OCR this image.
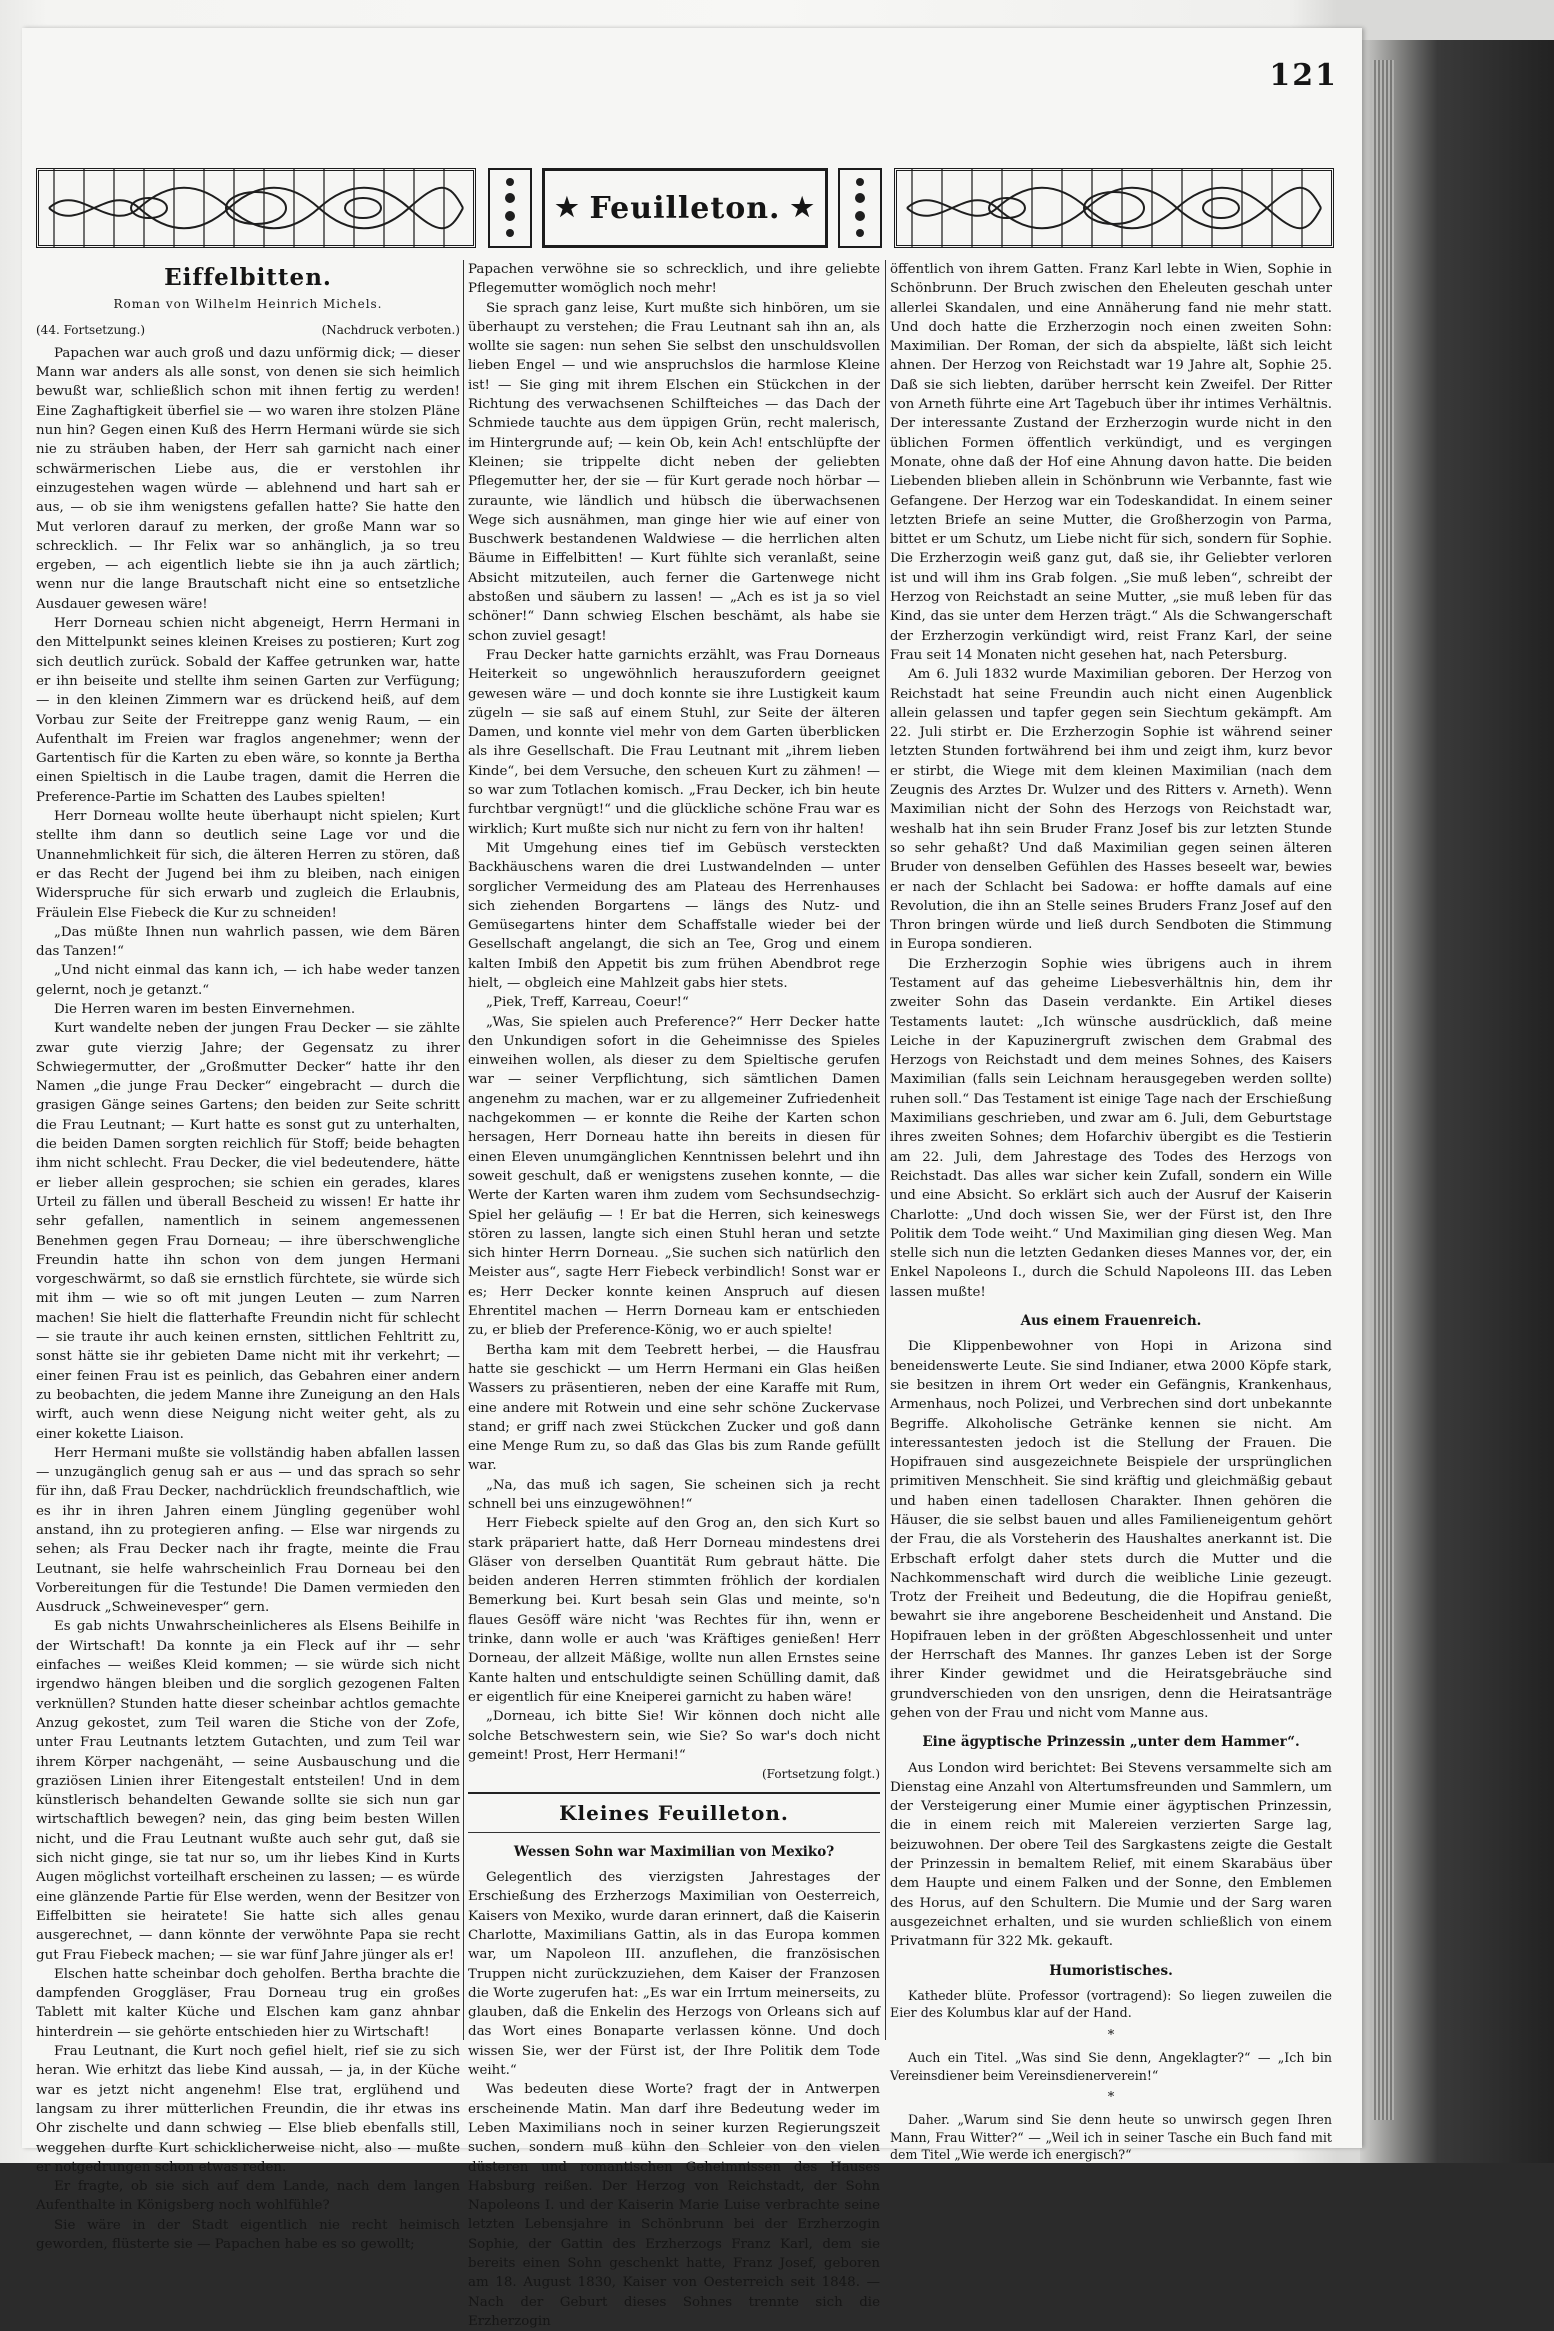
121
★ Feuilleton. ★
Eiffelbitten.
Roman von Wilhelm Heinrich Michels.
(44. Fortsetzung.)	(Nachdruck verboten.)

Papachen war auch groß und dazu unförmig dick; — dieser Mann war anders als alle sonst, von denen sie sich heimlich bewußt war, schließlich schon mit ihnen fertig zu werden! Eine Zaghaftigkeit überfiel sie — wo waren ihre stolzen Pläne nun hin? Gegen einen Kuß des Herrn Hermani würde sie sich nie zu sträuben haben, der Herr sah garnicht nach einer schwärmerischen Liebe aus, die er verstohlen ihr einzugestehen wagen würde — ablehnend und hart sah er aus, — ob sie ihm wenigstens gefallen hatte? Sie hatte den Mut verloren darauf zu merken, der große Mann war so schrecklich. — Ihr Felix war so anhänglich, ja so treu ergeben, — ach eigentlich liebte sie ihn ja auch zärtlich; wenn nur die lange Brautschaft nicht eine so entsetzliche Ausdauer gewesen wäre!

Herr Dorneau schien nicht abgeneigt, Herrn Hermani in den Mittelpunkt seines kleinen Kreises zu postieren; Kurt zog sich deutlich zurück. Sobald der Kaffee getrunken war, hatte er ihn beiseite und stellte ihm seinen Garten zur Verfügung; — in den kleinen Zimmern war es drückend heiß, auf dem Vorbau zur Seite der Freitreppe ganz wenig Raum, — ein Aufenthalt im Freien war fraglos angenehmer; wenn der Gartentisch für die Karten zu eben wäre, so konnte ja Bertha einen Spieltisch in die Laube tragen, damit die Herren die Preference-Partie im Schatten des Laubes spielten!

Herr Dorneau wollte heute überhaupt nicht spielen; Kurt stellte ihm dann so deutlich seine Lage vor und die Unannehmlichkeit für sich, die älteren Herren zu stören, daß er das Recht der Jugend bei ihm zu bleiben, nach einigen Widerspruche für sich erwarb und zugleich die Erlaubnis, Fräulein Else Fiebeck die Kur zu schneiden!

„Das müßte Ihnen nun wahrlich passen, wie dem Bären das Tanzen!“

„Und nicht einmal das kann ich, — ich habe weder tanzen gelernt, noch je getanzt.“

Die Herren waren im besten Einvernehmen.

Kurt wandelte neben der jungen Frau Decker — sie zählte zwar gute vierzig Jahre; der Gegensatz zu ihrer Schwiegermutter, der „Großmutter Decker“ hatte ihr den Namen „die junge Frau Decker“ eingebracht — durch die grasigen Gänge seines Gartens; den beiden zur Seite schritt die Frau Leutnant; — Kurt hatte es sonst gut zu unterhalten, die beiden Damen sorgten reichlich für Stoff; beide behagten ihm nicht schlecht. Frau Decker, die viel bedeutendere, hätte er lieber allein gesprochen; sie schien ein gerades, klares Urteil zu fällen und überall Bescheid zu wissen! Er hatte ihr sehr gefallen, namentlich in seinem angemessenen Benehmen gegen Frau Dorneau; — ihre überschwengliche Freundin hatte ihn schon von dem jungen Hermani vorgeschwärmt, so daß sie ernstlich fürchtete, sie würde sich mit ihm — wie so oft mit jungen Leuten — zum Narren machen! Sie hielt die flatterhafte Freundin nicht für schlecht — sie traute ihr auch keinen ernsten, sittlichen Fehltritt zu, sonst hätte sie ihr gebieten Dame nicht mit ihr verkehrt; — einer feinen Frau ist es peinlich, das Gebahren einer andern zu beobachten, die jedem Manne ihre Zuneigung an den Hals wirft, auch wenn diese Neigung nicht weiter geht, als zu einer kokette Liaison.

Herr Hermani mußte sie vollständig haben abfallen lassen — unzugänglich genug sah er aus — und das sprach so sehr für ihn, daß Frau Decker, nachdrücklich freundschaftlich, wie es ihr in ihren Jahren einem Jüngling gegenüber wohl anstand, ihn zu protegieren anfing. — Else war nirgends zu sehen; als Frau Decker nach ihr fragte, meinte die Frau Leutnant, sie helfe wahrscheinlich Frau Dorneau bei den Vorbereitungen für die Testunde! Die Damen vermieden den Ausdruck „Schweinevesper“ gern.

Es gab nichts Unwahrscheinlicheres als Elsens Beihilfe in der Wirtschaft! Da konnte ja ein Fleck auf ihr — sehr einfaches — weißes Kleid kommen; — sie würde sich nicht irgendwo hängen bleiben und die sorglich gezogenen Falten verknüllen? Stunden hatte dieser scheinbar achtlos gemachte Anzug gekostet, zum Teil waren die Stiche von der Zofe, unter Frau Leutnants letztem Gutachten, und zum Teil war ihrem Körper nachgenäht, — seine Ausbauschung und die graziösen Linien ihrer Eitengestalt entsteilen! Und in dem künstlerisch behandelten Gewande sollte sie sich nun gar wirtschaftlich bewegen? nein, das ging beim besten Willen nicht, und die Frau Leutnant wußte auch sehr gut, daß sie sich nicht ginge, sie tat nur so, um ihr liebes Kind in Kurts Augen möglichst vorteilhaft erscheinen zu lassen; — es würde eine glänzende Partie für Else werden, wenn der Besitzer von Eiffelbitten sie heiratete! Sie hatte sich alles genau ausgerechnet, — dann könnte der verwöhnte Papa sie recht gut Frau Fiebeck machen; — sie war fünf Jahre jünger als er!

Elschen hatte scheinbar doch geholfen. Bertha brachte die dampfenden Groggläser, Frau Dorneau trug ein großes Tablett mit kalter Küche und Elschen kam ganz ahnbar hinterdrein — sie gehörte entschieden hier zu Wirtschaft!

Frau Leutnant, die Kurt noch gefiel hielt, rief sie zu sich heran. Wie erhitzt das liebe Kind aussah, — ja, in der Küche war es jetzt nicht angenehm! Else trat, erglühend und langsam zu ihrer mütterlichen Freundin, die ihr etwas ins Ohr zischelte und dann schwieg — Else blieb ebenfalls still, weggehen durfte Kurt schicklicherweise nicht, also — mußte er notgedrungen schon etwas reden.

Er fragte, ob sie sich auf dem Lande, nach dem langen Aufenthalte in Königsberg noch wohlfühle?

Sie wäre in der Stadt eigentlich nie recht heimisch geworden, flüsterte sie — Papachen habe es so gewollt;

Papachen verwöhne sie so schrecklich, und ihre geliebte Pflegemutter womöglich noch mehr!

Sie sprach ganz leise, Kurt mußte sich hinbören, um sie überhaupt zu verstehen; die Frau Leutnant sah ihn an, als wollte sie sagen: nun sehen Sie selbst den unschuldsvollen lieben Engel — und wie anspruchslos die harmlose Kleine ist! — Sie ging mit ihrem Elschen ein Stückchen in der Richtung des verwachsenen Schilfteiches — das Dach der Schmiede tauchte aus dem üppigen Grün, recht malerisch, im Hintergrunde auf; — kein Ob, kein Ach! entschlüpfte der Kleinen; sie trippelte dicht neben der geliebten Pflegemutter her, der sie — für Kurt gerade noch hörbar — zuraunte, wie ländlich und hübsch die überwachsenen Wege sich ausnähmen, man ginge hier wie auf einer von Buschwerk bestandenen Waldwiese — die herrlichen alten Bäume in Eiffelbitten! — Kurt fühlte sich veranlaßt, seine Absicht mitzuteilen, auch ferner die Gartenwege nicht abstoßen und säubern zu lassen! — „Ach es ist ja so viel schöner!“ Dann schwieg Elschen beschämt, als habe sie schon zuviel gesagt!

Frau Decker hatte garnichts erzählt, was Frau Dorneaus Heiterkeit so ungewöhnlich herauszufordern geeignet gewesen wäre — und doch konnte sie ihre Lustigkeit kaum zügeln — sie saß auf einem Stuhl, zur Seite der älteren Damen, und konnte viel mehr von dem Garten überblicken als ihre Gesellschaft. Die Frau Leutnant mit „ihrem lieben Kinde“, bei dem Versuche, den scheuen Kurt zu zähmen! — so war zum Totlachen komisch. „Frau Decker, ich bin heute furchtbar vergnügt!“ und die glückliche schöne Frau war es wirklich; Kurt mußte sich nur nicht zu fern von ihr halten!

Mit Umgehung eines tief im Gebüsch versteckten Backhäuschens waren die drei Lustwandelnden — unter sorglicher Vermeidung des am Plateau des Herrenhauses sich ziehenden Borgartens — längs des Nutz- und Gemüsegartens hinter dem Schaffstalle wieder bei der Gesellschaft angelangt, die sich an Tee, Grog und einem kalten Imbiß den Appetit bis zum frühen Abendbrot rege hielt, — obgleich eine Mahlzeit gabs hier stets.

„Piek, Treff, Karreau, Coeur!“

„Was, Sie spielen auch Preference?“ Herr Decker hatte den Unkundigen sofort in die Geheimnisse des Spieles einweihen wollen, als dieser zu dem Spieltische gerufen war — seiner Verpflichtung, sich sämtlichen Damen angenehm zu machen, war er zu allgemeiner Zufriedenheit nachgekommen — er konnte die Reihe der Karten schon hersagen, Herr Dorneau hatte ihn bereits in diesen für einen Eleven unumgänglichen Kenntnissen belehrt und ihn soweit geschult, daß er wenigstens zusehen konnte, — die Werte der Karten waren ihm zudem vom Sechsundsechzig-Spiel her geläufig — ! Er bat die Herren, sich keineswegs stören zu lassen, langte sich einen Stuhl heran und setzte sich hinter Herrn Dorneau. „Sie suchen sich natürlich den Meister aus“, sagte Herr Fiebeck verbindlich! Sonst war er es; Herr Decker konnte keinen Anspruch auf diesen Ehrentitel machen — Herrn Dorneau kam er entschieden zu, er blieb der Preference-König, wo er auch spielte!

Bertha kam mit dem Teebrett herbei, — die Hausfrau hatte sie geschickt — um Herrn Hermani ein Glas heißen Wassers zu präsentieren, neben der eine Karaffe mit Rum, eine andere mit Rotwein und eine sehr schöne Zuckervase stand; er griff nach zwei Stückchen Zucker und goß dann eine Menge Rum zu, so daß das Glas bis zum Rande gefüllt war.

„Na, das muß ich sagen, Sie scheinen sich ja recht schnell bei uns einzugewöhnen!“

Herr Fiebeck spielte auf den Grog an, den sich Kurt so stark präpariert hatte, daß Herr Dorneau mindestens drei Gläser von derselben Quantität Rum gebraut hätte. Die beiden anderen Herren stimmten fröhlich der kordialen Bemerkung bei. Kurt besah sein Glas und meinte, so'n flaues Gesöff wäre nicht 'was Rechtes für ihn, wenn er trinke, dann wolle er auch 'was Kräftiges genießen! Herr Dorneau, der allzeit Mäßige, wollte nun allen Ernstes seine Kante halten und entschuldigte seinen Schülling damit, daß er eigentlich für eine Kneiperei garnicht zu haben wäre!

„Dorneau, ich bitte Sie! Wir können doch nicht alle solche Betschwestern sein, wie Sie? So war's doch nicht gemeint! Prost, Herr Hermani!“

(Fortsetzung folgt.)
Kleines Feuilleton.
Wessen Sohn war Maximilian von Mexiko?

Gelegentlich des vierzigsten Jahrestages der Erschießung des Erzherzogs Maximilian von Oesterreich, Kaisers von Mexiko, wurde daran erinnert, daß die Kaiserin Charlotte, Maximilians Gattin, als in das Europa kommen war, um Napoleon III. anzuflehen, die französischen Truppen nicht zurückzuziehen, dem Kaiser der Franzosen die Worte zugerufen hat: „Es war ein Irrtum meinerseits, zu glauben, daß die Enkelin des Herzogs von Orleans sich auf das Wort eines Bonaparte verlassen könne. Und doch wissen Sie, wer der Fürst ist, der Ihre Politik dem Tode weiht.“

Was bedeuten diese Worte? fragt der in Antwerpen erscheinende Matin. Man darf ihre Bedeutung weder im Leben Maximilians noch in seiner kurzen Regierungszeit suchen, sondern muß kühn den Schleier von den vielen düsteren und romantischen Geheimnissen des Hauses Habsburg reißen. Der Herzog von Reichstadt, der Sohn Napoleons I. und der Kaiserin Marie Luise verbrachte seine letzten Lebensjahre in Schönbrunn bei der Erzherzogin Sophie, der Gattin des Erzherzogs Franz Karl, dem sie bereits einen Sohn geschenkt hatte, Franz Josef, geboren am 18. August 1830, Kaiser von Oesterreich seit 1848. — Nach der Geburt dieses Sohnes trennte sich die Erzherzogin

öffentlich von ihrem Gatten. Franz Karl lebte in Wien, Sophie in Schönbrunn. Der Bruch zwischen den Eheleuten geschah unter allerlei Skandalen, und eine Annäherung fand nie mehr statt. Und doch hatte die Erzherzogin noch einen zweiten Sohn: Maximilian. Der Roman, der sich da abspielte, läßt sich leicht ahnen. Der Herzog von Reichstadt war 19 Jahre alt, Sophie 25. Daß sie sich liebten, darüber herrscht kein Zweifel. Der Ritter von Arneth führte eine Art Tagebuch über ihr intimes Verhältnis. Der interessante Zustand der Erzherzogin wurde nicht in den üblichen Formen öffentlich verkündigt, und es vergingen Monate, ohne daß der Hof eine Ahnung davon hatte. Die beiden Liebenden blieben allein in Schönbrunn wie Verbannte, fast wie Gefangene. Der Herzog war ein Todeskandidat. In einem seiner letzten Briefe an seine Mutter, die Großherzogin von Parma, bittet er um Schutz, um Liebe nicht für sich, sondern für Sophie. Die Erzherzogin weiß ganz gut, daß sie, ihr Geliebter verloren ist und will ihm ins Grab folgen. „Sie muß leben“, schreibt der Herzog von Reichstadt an seine Mutter, „sie muß leben für das Kind, das sie unter dem Herzen trägt.“ Als die Schwangerschaft der Erzherzogin verkündigt wird, reist Franz Karl, der seine Frau seit 14 Monaten nicht gesehen hat, nach Petersburg.

Am 6. Juli 1832 wurde Maximilian geboren. Der Herzog von Reichstadt hat seine Freundin auch nicht einen Augenblick allein gelassen und tapfer gegen sein Siechtum gekämpft. Am 22. Juli stirbt er. Die Erzherzogin Sophie ist während seiner letzten Stunden fortwährend bei ihm und zeigt ihm, kurz bevor er stirbt, die Wiege mit dem kleinen Maximilian (nach dem Zeugnis des Arztes Dr. Wulzer und des Ritters v. Arneth). Wenn Maximilian nicht der Sohn des Herzogs von Reichstadt war, weshalb hat ihn sein Bruder Franz Josef bis zur letzten Stunde so sehr gehaßt? Und daß Maximilian gegen seinen älteren Bruder von denselben Gefühlen des Hasses beseelt war, bewies er nach der Schlacht bei Sadowa: er hoffte damals auf eine Revolution, die ihn an Stelle seines Bruders Franz Josef auf den Thron bringen würde und ließ durch Sendboten die Stimmung in Europa sondieren.

Die Erzherzogin Sophie wies übrigens auch in ihrem Testament auf das geheime Liebesverhältnis hin, dem ihr zweiter Sohn das Dasein verdankte. Ein Artikel dieses Testaments lautet: „Ich wünsche ausdrücklich, daß meine Leiche in der Kapuzinergruft zwischen dem Grabmal des Herzogs von Reichstadt und dem meines Sohnes, des Kaisers Maximilian (falls sein Leichnam herausgegeben werden sollte) ruhen soll.“ Das Testament ist einige Tage nach der Erschießung Maximilians geschrieben, und zwar am 6. Juli, dem Geburtstage ihres zweiten Sohnes; dem Hofarchiv übergibt es die Testierin am 22. Juli, dem Jahrestage des Todes des Herzogs von Reichstadt. Das alles war sicher kein Zufall, sondern ein Wille und eine Absicht. So erklärt sich auch der Ausruf der Kaiserin Charlotte: „Und doch wissen Sie, wer der Fürst ist, den Ihre Politik dem Tode weiht.“ Und Maximilian ging diesen Weg. Man stelle sich nun die letzten Gedanken dieses Mannes vor, der, ein Enkel Napoleons I., durch die Schuld Napoleons III. das Leben lassen mußte!

Aus einem Frauenreich.

Die Klippenbewohner von Hopi in Arizona sind beneidenswerte Leute. Sie sind Indianer, etwa 2000 Köpfe stark, sie besitzen in ihrem Ort weder ein Gefängnis, Krankenhaus, Armenhaus, noch Polizei, und Verbrechen sind dort unbekannte Begriffe. Alkoholische Getränke kennen sie nicht. Am interessantesten jedoch ist die Stellung der Frauen. Die Hopifrauen sind ausgezeichnete Beispiele der ursprünglichen primitiven Menschheit. Sie sind kräftig und gleichmäßig gebaut und haben einen tadellosen Charakter. Ihnen gehören die Häuser, die sie selbst bauen und alles Familieneigentum gehört der Frau, die als Vorsteherin des Haushaltes anerkannt ist. Die Erbschaft erfolgt daher stets durch die Mutter und die Nachkommenschaft wird durch die weibliche Linie gezeugt. Trotz der Freiheit und Bedeutung, die die Hopifrau genießt, bewahrt sie ihre angeborene Bescheidenheit und Anstand. Die Hopifrauen leben in der größten Abgeschlossenheit und unter der Herrschaft des Mannes. Ihr ganzes Leben ist der Sorge ihrer Kinder gewidmet und die Heiratsgebräuche sind grundverschieden von den unsrigen, denn die Heiratsanträge gehen von der Frau und nicht vom Manne aus.

Eine ägyptische Prinzessin „unter dem Hammer“.

Aus London wird berichtet: Bei Stevens versammelte sich am Dienstag eine Anzahl von Altertumsfreunden und Sammlern, um der Versteigerung einer Mumie einer ägyptischen Prinzessin, die in einem reich mit Malereien verzierten Sarge lag, beizuwohnen. Der obere Teil des Sargkastens zeigte die Gestalt der Prinzessin in bemaltem Relief, mit einem Skarabäus über dem Haupte und einem Falken und der Sonne, den Emblemen des Horus, auf den Schultern. Die Mumie und der Sarg waren ausgezeichnet erhalten, und sie wurden schließlich von einem Privatmann für 322 Mk. gekauft.

Humoristisches.

Katheder blüte. Professor (vortragend): So liegen zuweilen die Eier des Kolumbus klar auf der Hand.

*

Auch ein Titel. „Was sind Sie denn, Angeklagter?“ — „Ich bin Vereinsdiener beim Vereinsdienerverein!“

*

Daher. „Warum sind Sie denn heute so unwirsch gegen Ihren Mann, Frau Witter?“ — „Weil ich in seiner Tasche ein Buch fand mit dem Titel „Wie werde ich energisch?“
